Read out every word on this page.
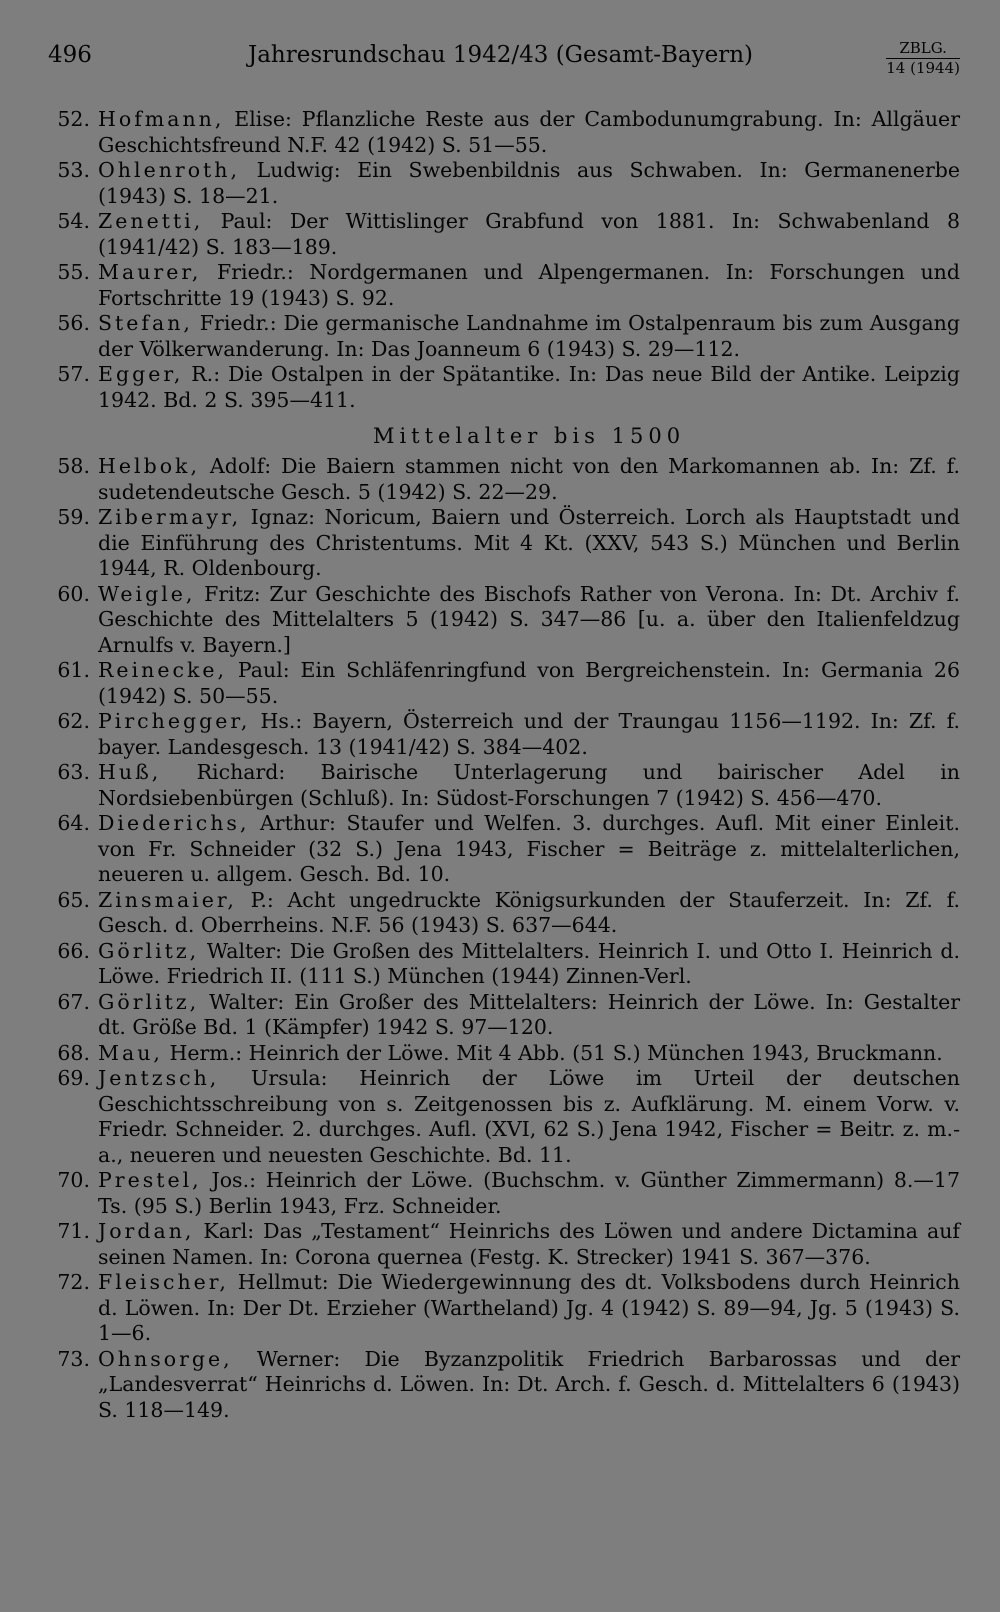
496	Jahresrundschau 1942/43 (Gesamt-Bayern)	ZBLG.
14 (1944)
52. Hofmann, Elise: Pflanzliche Reste aus der Cambodunumgrabung. In: Allgäuer Geschichtsfreund N.F. 42 (1942) S. 51—55.
53. Ohlenroth, Ludwig: Ein Swebenbildnis aus Schwaben. In: Germanenerbe (1943) S. 18—21.
54. Zenetti, Paul: Der Wittislinger Grabfund von 1881. In: Schwabenland 8 (1941/42) S. 183—189.
55. Maurer, Friedr.: Nordgermanen und Alpengermanen. In: Forschungen und Fortschritte 19 (1943) S. 92.
56. Stefan, Friedr.: Die germanische Landnahme im Ostalpenraum bis zum Ausgang der Völkerwanderung. In: Das Joanneum 6 (1943) S. 29—112.
57. Egger, R.: Die Ostalpen in der Spätantike. In: Das neue Bild der Antike. Leipzig 1942. Bd. 2 S. 395—411.
Mittelalter bis 1500
58. Helbok, Adolf: Die Baiern stammen nicht von den Markomannen ab. In: Zf. f. sudetendeutsche Gesch. 5 (1942) S. 22—29.
59. Zibermayr, Ignaz: Noricum, Baiern und Österreich. Lorch als Hauptstadt und die Einführung des Christentums. Mit 4 Kt. (XXV, 543 S.) München und Berlin 1944, R. Oldenbourg.
60. Weigle, Fritz: Zur Geschichte des Bischofs Rather von Verona. In: Dt. Archiv f. Geschichte des Mittelalters 5 (1942) S. 347—86 [u. a. über den Italienfeldzug Arnulfs v. Bayern.]
61. Reinecke, Paul: Ein Schläfenringfund von Bergreichenstein. In: Germania 26 (1942) S. 50—55.
62. Pirchegger, Hs.: Bayern, Österreich und der Traungau 1156—1192. In: Zf. f. bayer. Landesgesch. 13 (1941/42) S. 384—402.
63. Huß, Richard: Bairische Unterlagerung und bairischer Adel in Nordsiebenbürgen (Schluß). In: Südost-Forschungen 7 (1942) S. 456—470.
64. Diederichs, Arthur: Staufer und Welfen. 3. durchges. Aufl. Mit einer Einleit. von Fr. Schneider (32 S.) Jena 1943, Fischer = Beiträge z. mittelalterlichen, neueren u. allgem. Gesch. Bd. 10.
65. Zinsmaier, P.: Acht ungedruckte Königsurkunden der Stauferzeit. In: Zf. f. Gesch. d. Oberrheins. N.F. 56 (1943) S. 637—644.
66. Görlitz, Walter: Die Großen des Mittelalters. Heinrich I. und Otto I. Heinrich d. Löwe. Friedrich II. (111 S.) München (1944) Zinnen-Verl.
67. Görlitz, Walter: Ein Großer des Mittelalters: Heinrich der Löwe. In: Gestalter dt. Größe Bd. 1 (Kämpfer) 1942 S. 97—120.
68. Mau, Herm.: Heinrich der Löwe. Mit 4 Abb. (51 S.) München 1943, Bruckmann.
69. Jentzsch, Ursula: Heinrich der Löwe im Urteil der deutschen Geschichtsschreibung von s. Zeitgenossen bis z. Aufklärung. M. einem Vorw. v. Friedr. Schneider. 2. durchges. Aufl. (XVI, 62 S.) Jena 1942, Fischer = Beitr. z. m.-a., neueren und neuesten Geschichte. Bd. 11.
70. Prestel, Jos.: Heinrich der Löwe. (Buchschm. v. Günther Zimmermann) 8.—17 Ts. (95 S.) Berlin 1943, Frz. Schneider.
71. Jordan, Karl: Das „Testament“ Heinrichs des Löwen und andere Dictamina auf seinen Namen. In: Corona quernea (Festg. K. Strecker) 1941 S. 367—376.
72. Fleischer, Hellmut: Die Wiedergewinnung des dt. Volksbodens durch Heinrich d. Löwen. In: Der Dt. Erzieher (Wartheland) Jg. 4 (1942) S. 89—94, Jg. 5 (1943) S. 1—6.
73. Ohnsorge, Werner: Die Byzanzpolitik Friedrich Barbarossas und der „Landesverrat“ Heinrichs d. Löwen. In: Dt. Arch. f. Gesch. d. Mittelalters 6 (1943) S. 118—149.
